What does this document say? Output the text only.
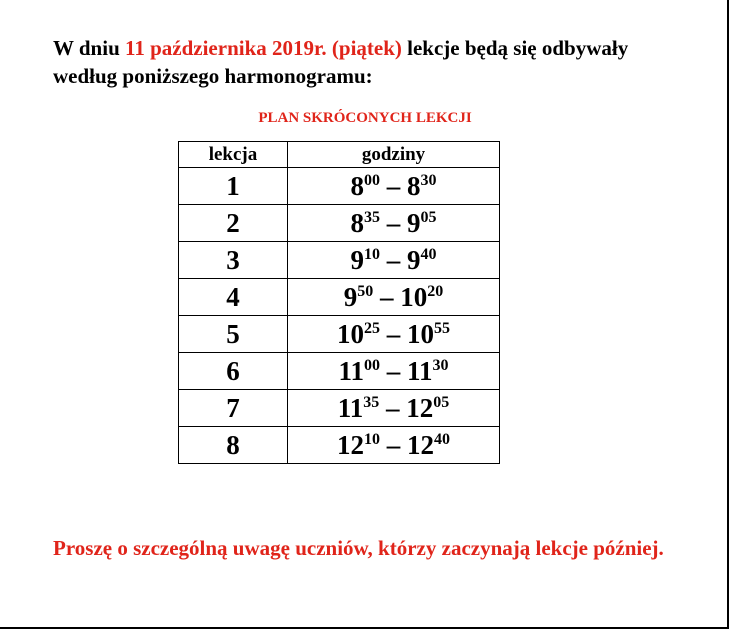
W dniu 11 października 2019r. (piątek) lekcje będą się odbywały według poniższego harmonogramu:

PLAN SKRÓCONYCH LEKCJI
lekcja	godziny
1	$8^{00} - 8^{30}$
2	$8^{35} - 9^{05}$
3	$9^{10} - 9^{40}$
4	$9^{50} - 10^{20}$
5	$10^{25} - 10^{55}$
6	$11^{00} - 11^{30}$
7	$11^{35} - 12^{05}$
8	$12^{10} - 12^{40}$

Proszę o szczególną uwagę uczniów, którzy zaczynają lekcje później.
